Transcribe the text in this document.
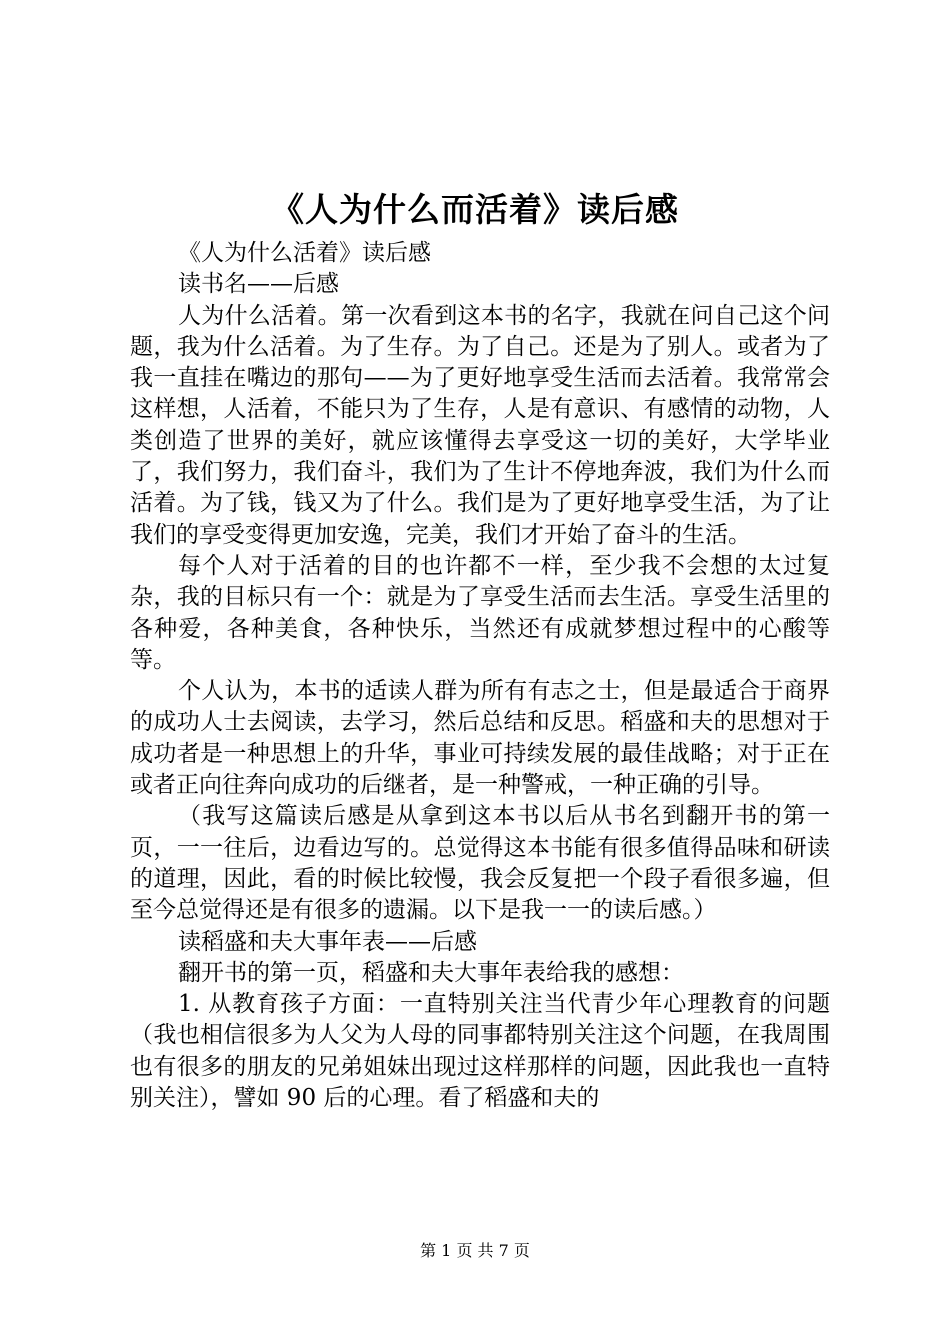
《人为什么而活着》读后感

《人为什么活着》读后感

读书名——后感

人为什么活着。第一次看到这本书的名字，我就在问自己这个问题，我为什么活着。为了生存。为了自己。还是为了别人。或者为了我一直挂在嘴边的那句——为了更好地享受生活而去活着。我常常会这样想，人活着，不能只为了生存，人是有意识、有感情的动物，人类创造了世界的美好，就应该懂得去享受这一切的美好，大学毕业了，我们努力，我们奋斗，我们为了生计不停地奔波，我们为什么而活着。为了钱，钱又为了什么。我们是为了更好地享受生活，为了让我们的享受变得更加安逸，完美，我们才开始了奋斗的生活。

每个人对于活着的目的也许都不一样，至少我不会想的太过复杂，我的目标只有一个：就是为了享受生活而去生活。享受生活里的各种爱，各种美食，各种快乐，当然还有成就梦想过程中的心酸等等。

个人认为，本书的适读人群为所有有志之士，但是最适合于商界的成功人士去阅读，去学习，然后总结和反思。稻盛和夫的思想对于成功者是一种思想上的升华，事业可持续发展的最佳战略；对于正在或者正向往奔向成功的后继者，是一种警戒，一种正确的引导。

（我写这篇读后感是从拿到这本书以后从书名到翻开书的第一页，一一往后，边看边写的。总觉得这本书能有很多值得品味和研读的道理，因此，看的时候比较慢，我会反复把一个段子看很多遍，但至今总觉得还是有很多的遗漏。以下是我一一的读后感。）

读稻盛和夫大事年表——后感

翻开书的第一页，稻盛和夫大事年表给我的感想：

1. 从教育孩子方面：一直特别关注当代青少年心理教育的问题（我也相信很多为人父为人母的同事都特别关注这个问题，在我周围也有很多的朋友的兄弟姐妹出现过这样那样的问题，因此我也一直特别关注），譬如 90 后的心理。看了稻盛和夫的

第 1 页 共 7 页
